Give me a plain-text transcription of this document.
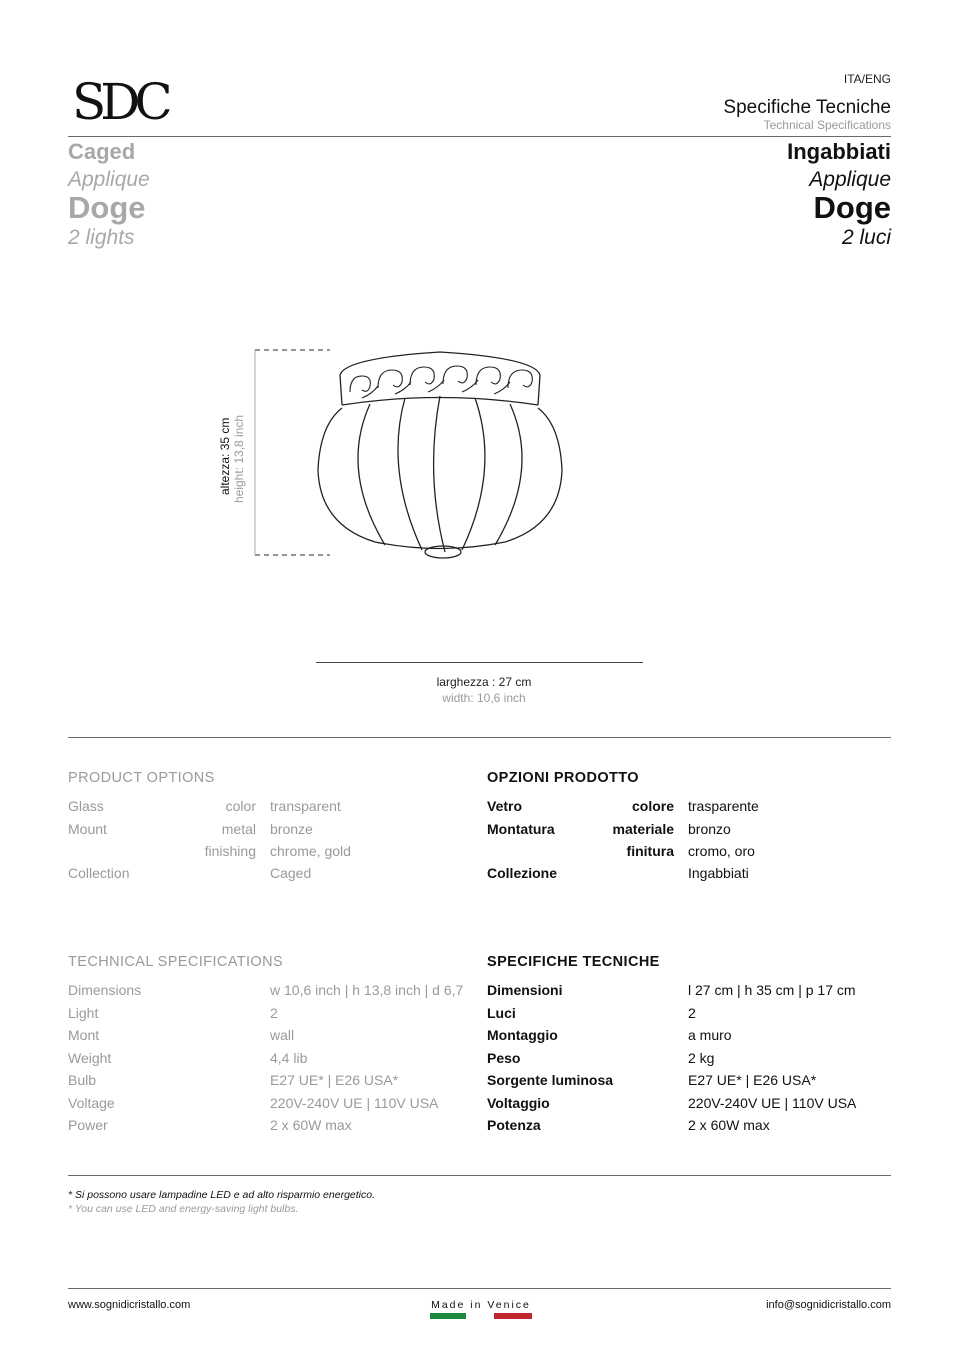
SDC	ITA/ENG
Specifiche Tecniche
Technical Specifications
Caged
Applique
Doge
2 lights
Ingabbiati
Applique
Doge
2 luci
altezza: 35 cm height: 13,8 inch
larghezza : 27 cm
width: 10,6 inch
PRODUCT OPTIONS
Glass	color transparent
Mount	metal bronze
finishing chrome, gold
Collection	Caged
OPZIONI PRODOTTO
Vetro	colore trasparente
Montatura	materiale bronzo
finitura cromo, oro
Collezione	Ingabbiati
TECHNICAL SPECIFICATIONS
Dimensions	w 10,6 inch | h 13,8 inch | d 6,7
Light	2
Mont	wall
Weight	4,4 lib
Bulb	E27 UE* | E26 USA*
Voltage	220V-240V UE | 110V USA
Power	2 x 60W max
SPECIFICHE TECNICHE
Dimensioni	l 27 cm | h 35 cm | p 17 cm
Luci	2
Montaggio	a muro
Peso	2 kg
Sorgente luminosa	E27 UE* | E26 USA*
Voltaggio	220V-240V UE | 110V USA
Potenza	2 x 60W max
* Si possono usare lampadine LED e ad alto risparmio energetico.
* You can use LED and energy-saving light bulbs.
www.sognidicristallo.com	Made in Venice	info@sognidicristallo.com
